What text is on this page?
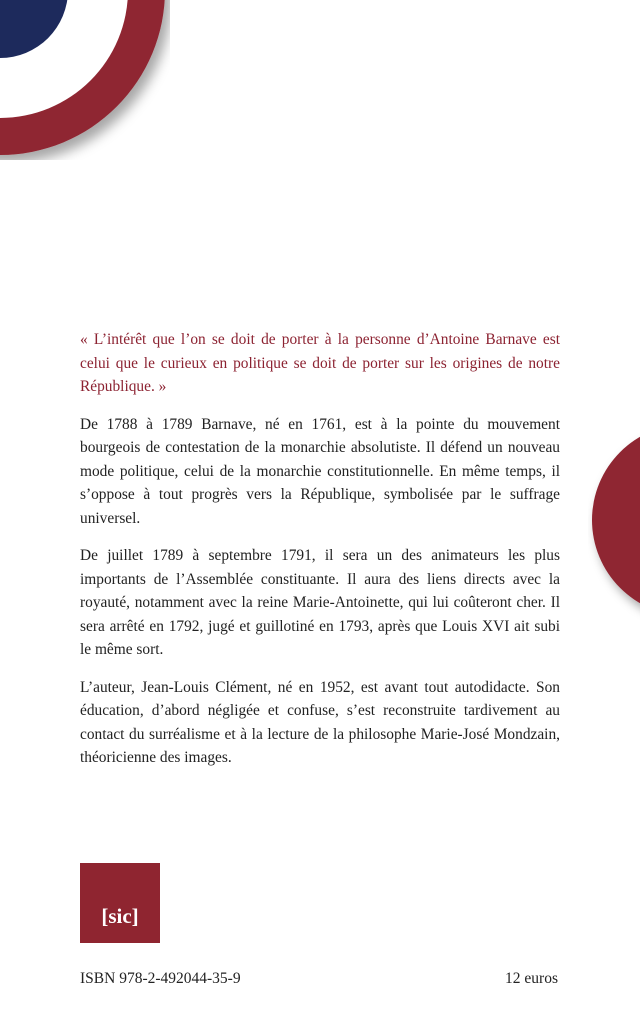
« L’intérêt que l’on se doit de porter à la personne d’Antoine Barnave est celui que le curieux en politique se doit de porter sur les origines de notre République. »

De 1788 à 1789 Barnave, né en 1761, est à la pointe du mouvement bourgeois de contestation de la monarchie absolutiste. Il défend un nouveau mode politique, celui de la monarchie constitutionnelle. En même temps, il s’oppose à tout progrès vers la République, symbolisée par le suffrage universel.

De juillet 1789 à septembre 1791, il sera un des animateurs les plus importants de l’Assemblée constituante. Il aura des liens directs avec la royauté, notamment avec la reine Marie-Antoinette, qui lui coûteront cher. Il sera arrêté en 1792, jugé et guillotiné en 1793, après que Louis XVI ait subi le même sort.

L’auteur, Jean-Louis Clément, né en 1952, est avant tout autodidacte. Son éducation, d’abord négligée et confuse, s’est reconstruite tardivement au contact du surréalisme et à la lecture de la philosophe Marie-José Mondzain, théoricienne des images.

[sic]
ISBN 978-2-492044-35-9	12 euros
